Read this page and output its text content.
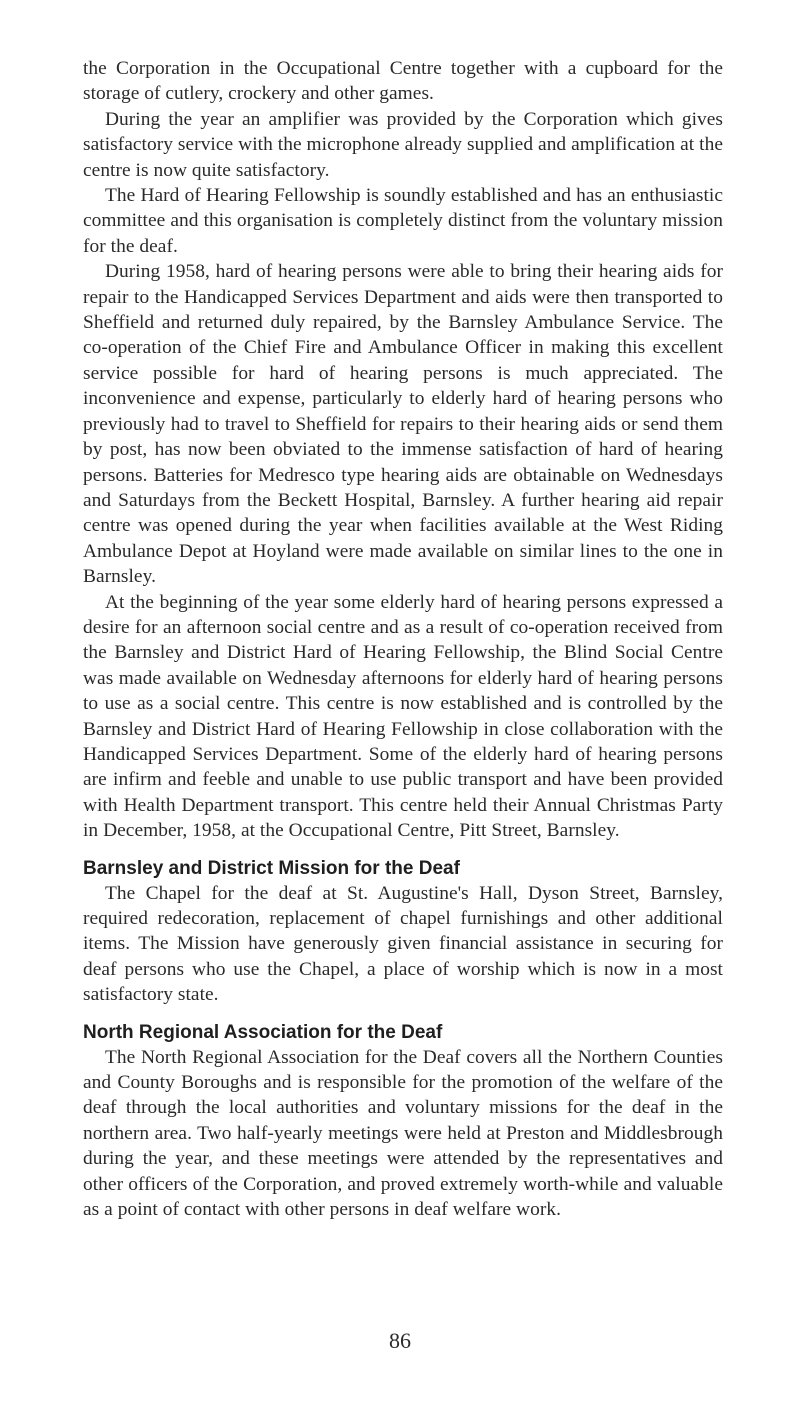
the Corporation in the Occupational Centre together with a cupboard for the storage of cutlery, crockery and other games.

During the year an amplifier was provided by the Corporation which gives satisfactory service with the microphone already supplied and amplification at the centre is now quite satisfactory.

The Hard of Hearing Fellowship is soundly established and has an enthusiastic committee and this organisation is completely distinct from the voluntary mission for the deaf.

During 1958, hard of hearing persons were able to bring their hearing aids for repair to the Handicapped Services Department and aids were then transported to Sheffield and returned duly repaired, by the Barnsley Ambulance Service. The co-operation of the Chief Fire and Ambulance Officer in making this excellent service possible for hard of hearing persons is much appreciated. The inconvenience and expense, particularly to elderly hard of hearing persons who previously had to travel to Sheffield for repairs to their hearing aids or send them by post, has now been obviated to the immense satisfaction of hard of hearing persons. Batteries for Medresco type hearing aids are obtainable on Wednesdays and Saturdays from the Beckett Hospital, Barnsley. A further hearing aid repair centre was opened during the year when facilities available at the West Riding Ambulance Depot at Hoyland were made available on similar lines to the one in Barnsley.

At the beginning of the year some elderly hard of hearing persons expressed a desire for an afternoon social centre and as a result of co-operation received from the Barnsley and District Hard of Hearing Fellowship, the Blind Social Centre was made available on Wednesday afternoons for elderly hard of hearing persons to use as a social centre. This centre is now established and is controlled by the Barnsley and District Hard of Hearing Fellowship in close collaboration with the Handicapped Services Department. Some of the elderly hard of hearing persons are infirm and feeble and unable to use public transport and have been provided with Health Department transport. This centre held their Annual Christmas Party in December, 1958, at the Occupational Centre, Pitt Street, Barnsley.

Barnsley and District Mission for the Deaf

The Chapel for the deaf at St. Augustine's Hall, Dyson Street, Barnsley, required redecoration, replacement of chapel furnishings and other additional items. The Mission have generously given financial assistance in securing for deaf persons who use the Chapel, a place of worship which is now in a most satisfactory state.

North Regional Association for the Deaf

The North Regional Association for the Deaf covers all the Northern Counties and County Boroughs and is responsible for the promotion of the welfare of the deaf through the local authorities and voluntary missions for the deaf in the northern area. Two half-yearly meetings were held at Preston and Middlesbrough during the year, and these meetings were attended by the representatives and other officers of the Corporation, and proved extremely worth-while and valuable as a point of contact with other persons in deaf welfare work.

86
